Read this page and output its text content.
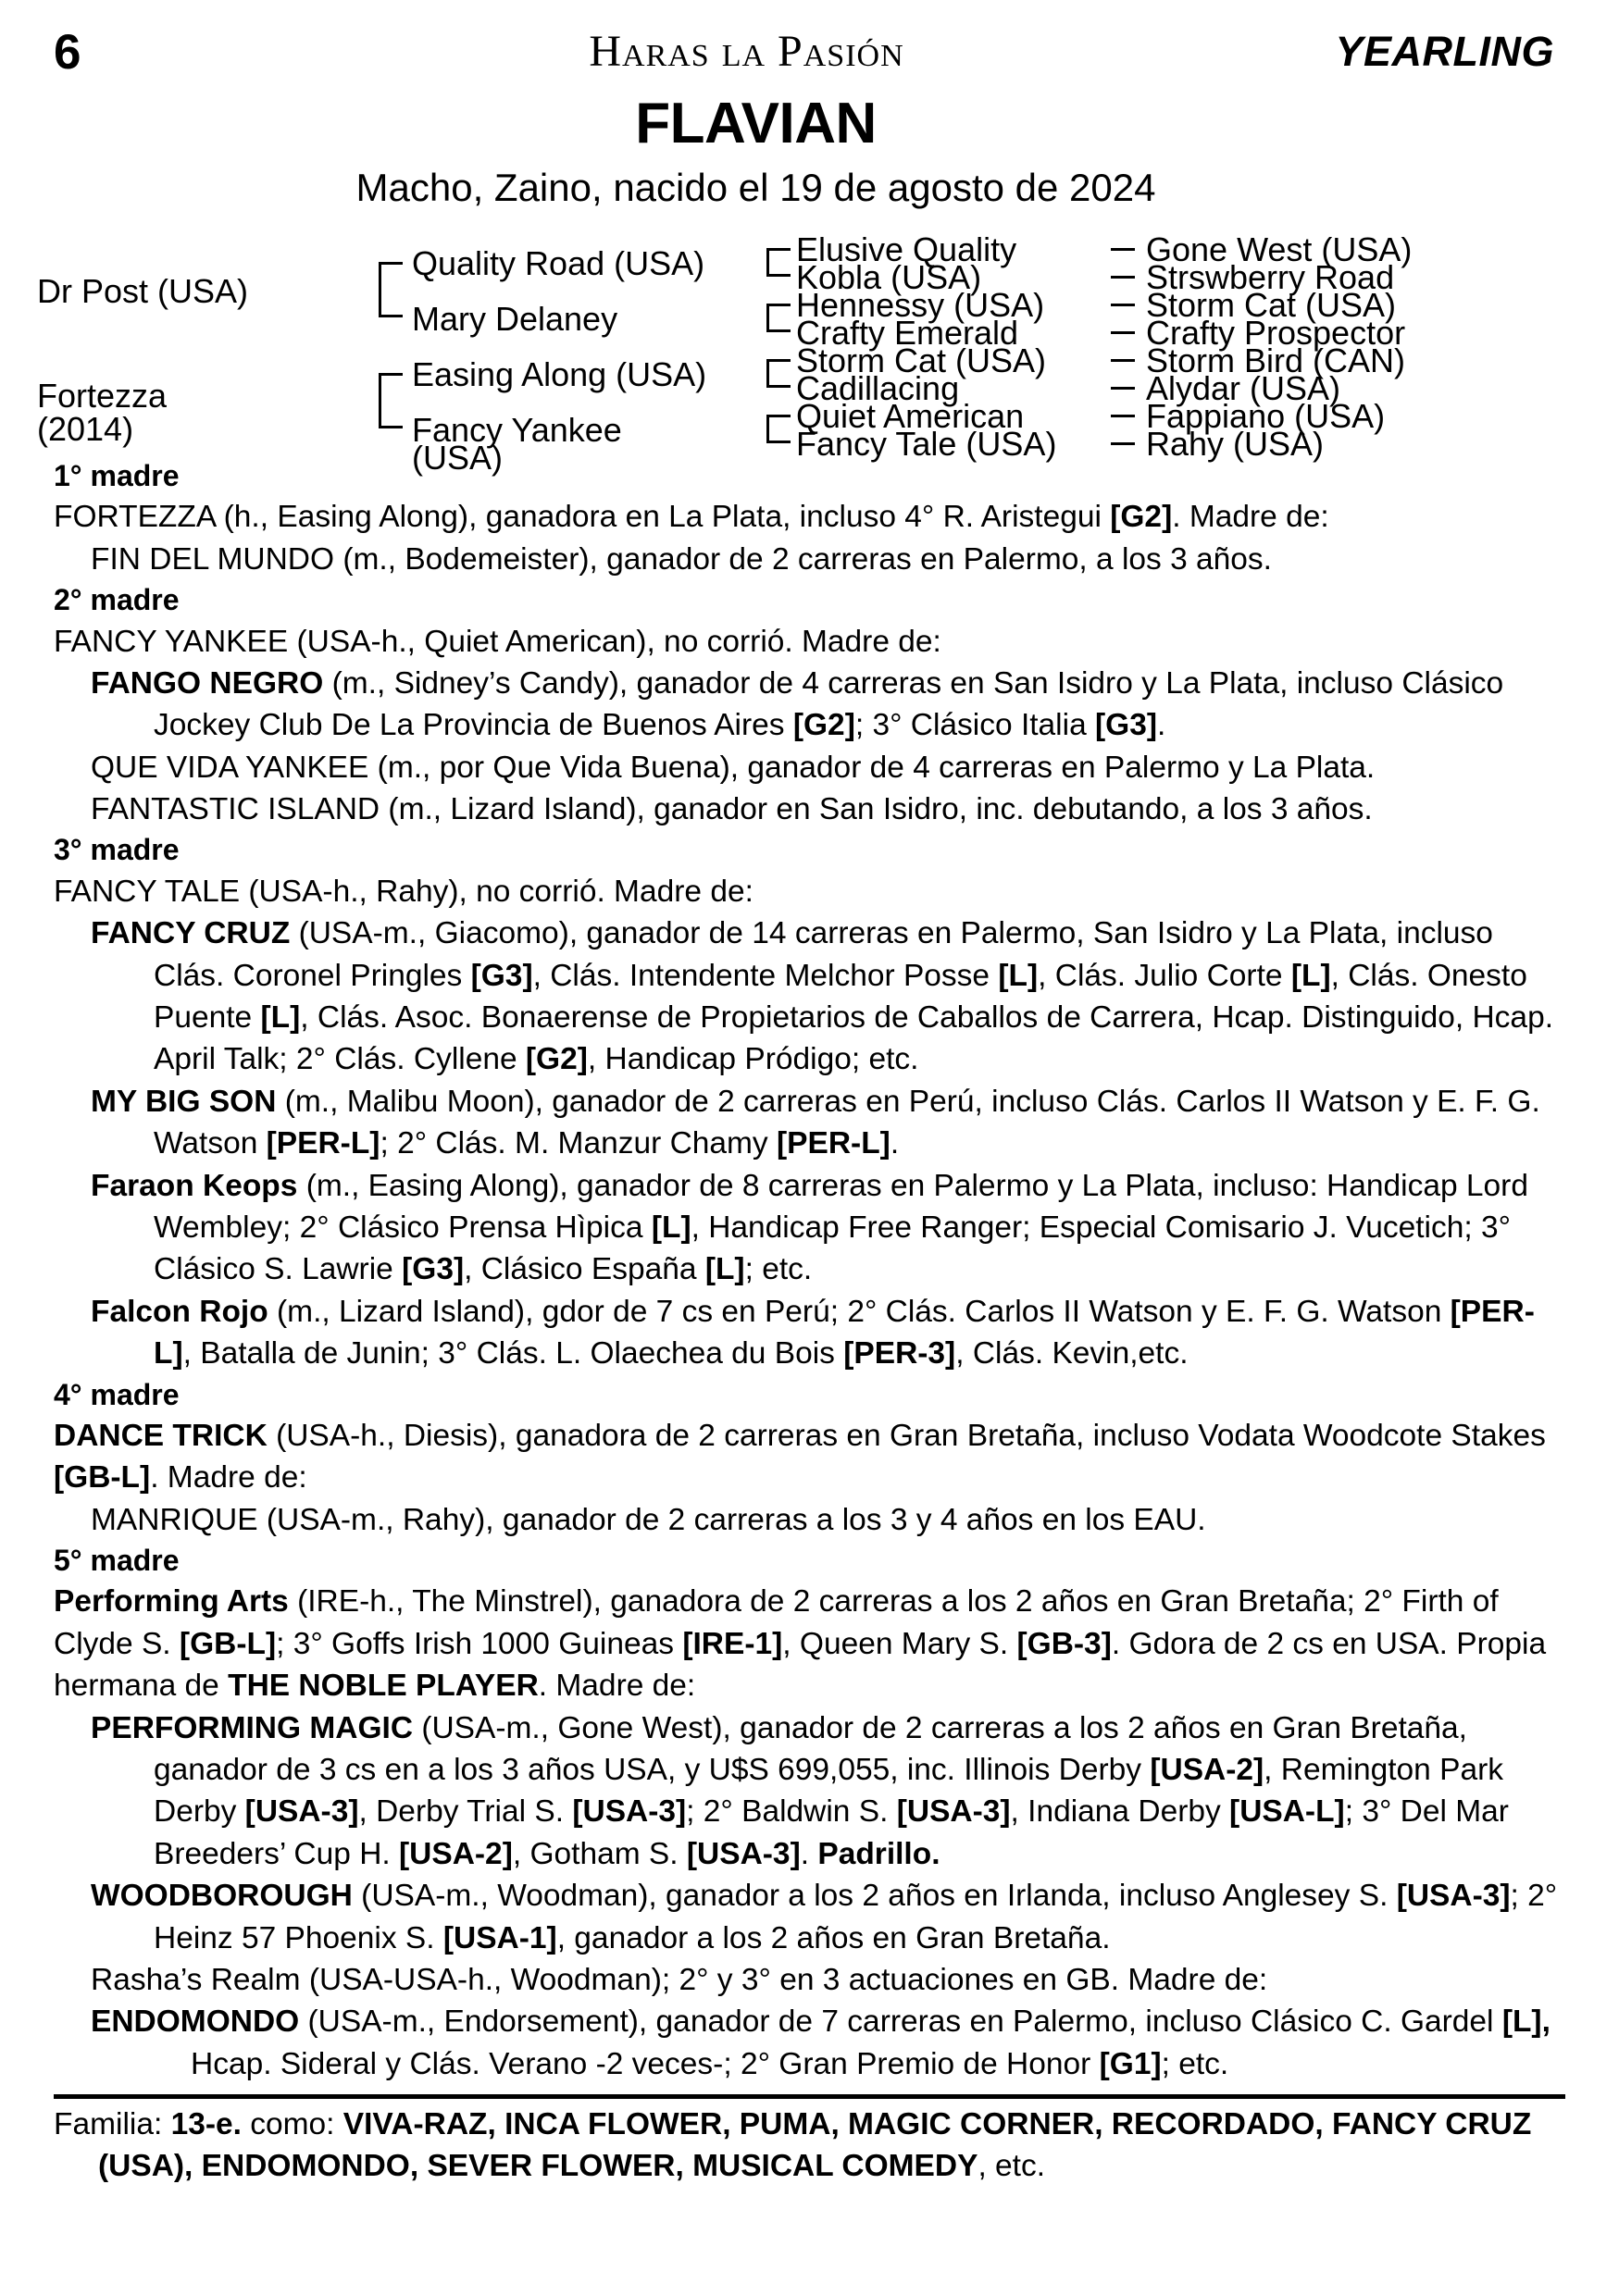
6	Haras la Pasión	YEARLING
FLAVIAN
Macho, Zaino, nacido el 19 de agosto de 2024
Elusive Quality
Kobla (USA)
Hennessy (USA)
Crafty Emerald
Storm Cat (USA)
Cadillacing
Quiet American
Fancy Tale (USA)
Gone West (USA)
Strswberry Road
Storm Cat (USA)
Crafty Prospector
Storm Bird (CAN)
Alydar (USA)
Fappiano (USA)
Rahy (USA)
Quality Road (USA)
Mary Delaney
Easing Along (USA)
Fancy Yankee
(USA)
Dr Post (USA)
Fortezza
(2014)
1° madre
FORTEZZA (h., Easing Along), ganadora en La Plata, incluso 4° R. Aristegui [G2]. Madre de:
FIN DEL MUNDO (m., Bodemeister), ganador de 2 carreras en Palermo, a los 3 años.
2° madre
FANCY YANKEE (USA-h., Quiet American), no corrió. Madre de:
FANGO NEGRO (m., Sidney’s Candy), ganador de 4 carreras en San Isidro y La Plata, incluso Clásico Jockey Club De La Provincia de Buenos Aires [G2]; 3° Clásico Italia [G3].
QUE VIDA YANKEE (m., por Que Vida Buena), ganador de 4 carreras en Palermo y La Plata.
FANTASTIC ISLAND (m., Lizard Island), ganador en San Isidro, inc. debutando, a los 3 años.
3° madre
FANCY TALE (USA-h., Rahy), no corrió. Madre de:
FANCY CRUZ (USA-m., Giacomo), ganador de 14 carreras en Palermo, San Isidro y La Plata, incluso Clás. Coronel Pringles [G3], Clás. Intendente Melchor Posse [L], Clás. Julio Corte [L], Clás. Onesto Puente [L], Clás. Asoc. Bonaerense de Propietarios de Caballos de Carrera, Hcap. Distinguido, Hcap. April Talk; 2° Clás. Cyllene [G2], Handicap Pródigo; etc.
MY BIG SON (m., Malibu Moon), ganador de 2 carreras en Perú, incluso Clás. Carlos II Watson y E. F. G. Watson [PER-L]; 2° Clás. M. Manzur Chamy [PER-L].
Faraon Keops (m., Easing Along), ganador de 8 carreras en Palermo y La Plata, incluso: Handicap Lord Wembley; 2° Clásico Prensa Hìpica [L], Handicap Free Ranger; Especial Comisario J. Vucetich; 3° Clásico S. Lawrie [G3], Clásico España [L]; etc.
Falcon Rojo (m., Lizard Island), gdor de 7 cs en Perú; 2° Clás. Carlos II Watson y E. F. G. Watson [PER-L], Batalla de Junin; 3° Clás. L. Olaechea du Bois [PER-3], Clás. Kevin,etc.
4° madre
DANCE TRICK (USA-h., Diesis), ganadora de 2 carreras en Gran Bretaña, incluso Vodata Woodcote Stakes [GB-L]. Madre de:
MANRIQUE (USA-m., Rahy), ganador de 2 carreras a los 3 y 4 años en los EAU.
5° madre
Performing Arts (IRE-h., The Minstrel), ganadora de 2 carreras a los 2 años en Gran Bretaña; 2° Firth of Clyde S. [GB-L]; 3° Goffs Irish 1000 Guineas [IRE-1], Queen Mary S. [GB-3]. Gdora de 2 cs en USA. Propia hermana de THE NOBLE PLAYER. Madre de:
PERFORMING MAGIC (USA-m., Gone West), ganador de 2 carreras a los 2 años en Gran Bretaña, ganador de 3 cs en a los 3 años USA, y U$S 699,055, inc. Illinois Derby [USA-2], Remington Park Derby [USA-3], Derby Trial S. [USA-3]; 2° Baldwin S. [USA-3], Indiana Derby [USA-L]; 3° Del Mar Breeders’ Cup H. [USA-2], Gotham S. [USA-3]. Padrillo.
WOODBOROUGH (USA-m., Woodman), ganador a los 2 años en Irlanda, incluso Anglesey S. [USA-3]; 2° Heinz 57 Phoenix S. [USA-1], ganador a los 2 años en Gran Bretaña.
Rasha’s Realm (USA-USA-h., Woodman); 2° y 3° en 3 actuaciones en GB. Madre de:
ENDOMONDO (USA-m., Endorsement), ganador de 7 carreras en Palermo, incluso Clásico C. Gardel [L], Hcap. Sideral y Clás. Verano -2 veces-; 2° Gran Premio de Honor [G1]; etc.
Familia: 13-e. como: VIVA-RAZ, INCA FLOWER, PUMA, MAGIC CORNER, RECORDADO, FANCY CRUZ (USA), ENDOMONDO, SEVER FLOWER, MUSICAL COMEDY, etc.
